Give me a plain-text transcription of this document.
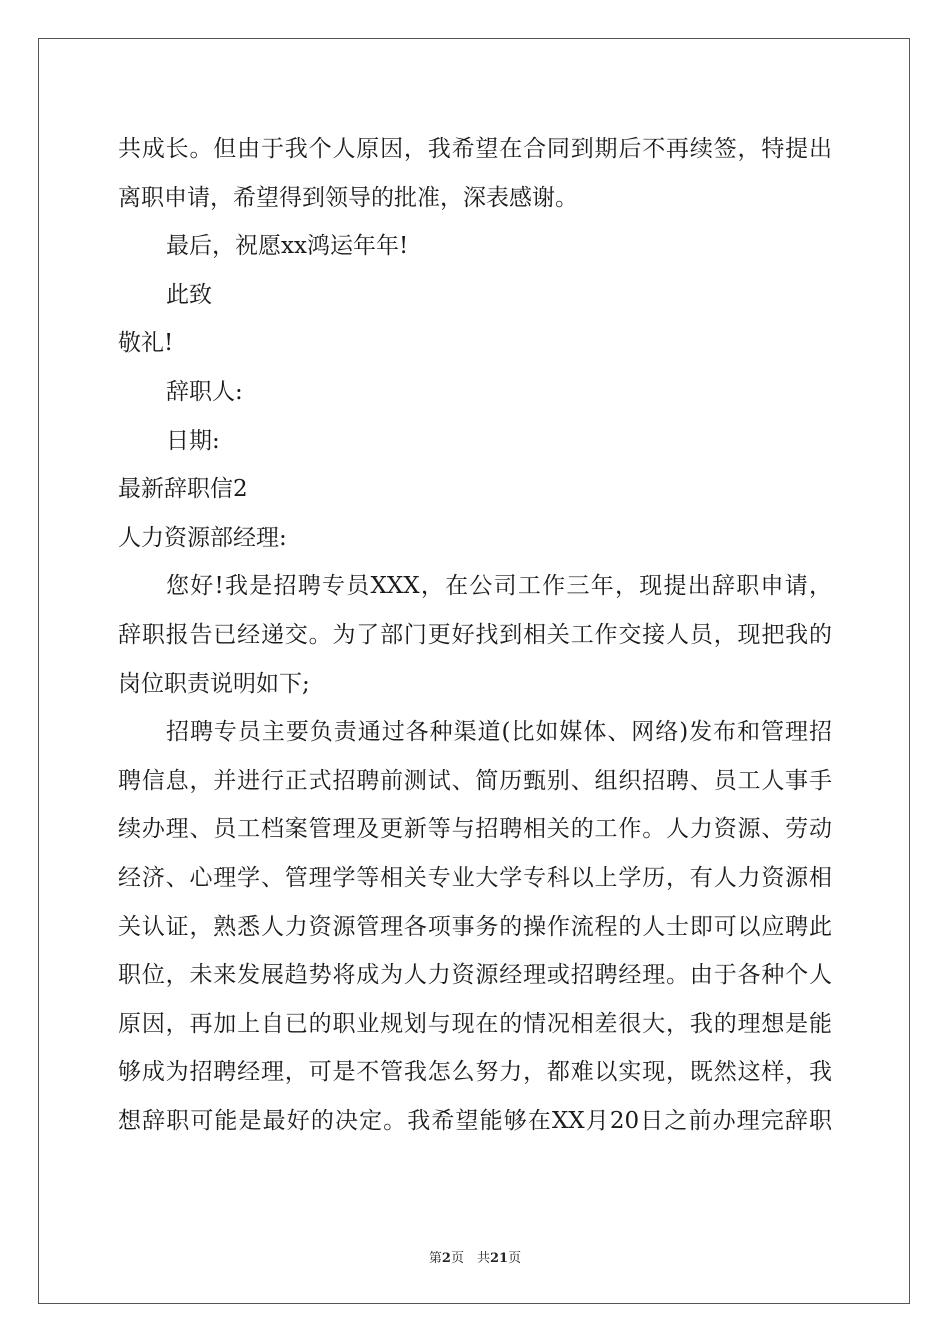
共成长。但由于我个人原因，我希望在合同到期后不再续签，特提出
离职申请，希望得到领导的批准，深表感谢。
最后，祝愿xx鸿运年年!
此致
敬礼!
辞职人:
日期:
最新辞职信2
人力资源部经理:
您好!我是招聘专员XXX，在公司工作三年，现提出辞职申请，
辞职报告已经递交。为了部门更好找到相关工作交接人员，现把我的
岗位职责说明如下;
招聘专员主要负责通过各种渠道(比如媒体、网络)发布和管理招
聘信息，并进行正式招聘前测试、简历甄别、组织招聘、员工人事手
续办理、员工档案管理及更新等与招聘相关的工作。人力资源、劳动
经济、心理学、管理学等相关专业大学专科以上学历，有人力资源相
关认证，熟悉人力资源管理各项事务的操作流程的人士即可以应聘此
职位，未来发展趋势将成为人力资源经理或招聘经理。由于各种个人
原因，再加上自已的职业规划与现在的情况相差很大，我的理想是能
够成为招聘经理，可是不管我怎么努力，都难以实现，既然这样，我
想辞职可能是最好的决定。我希望能够在XX月20日之前办理完辞职
第2页　共21页
